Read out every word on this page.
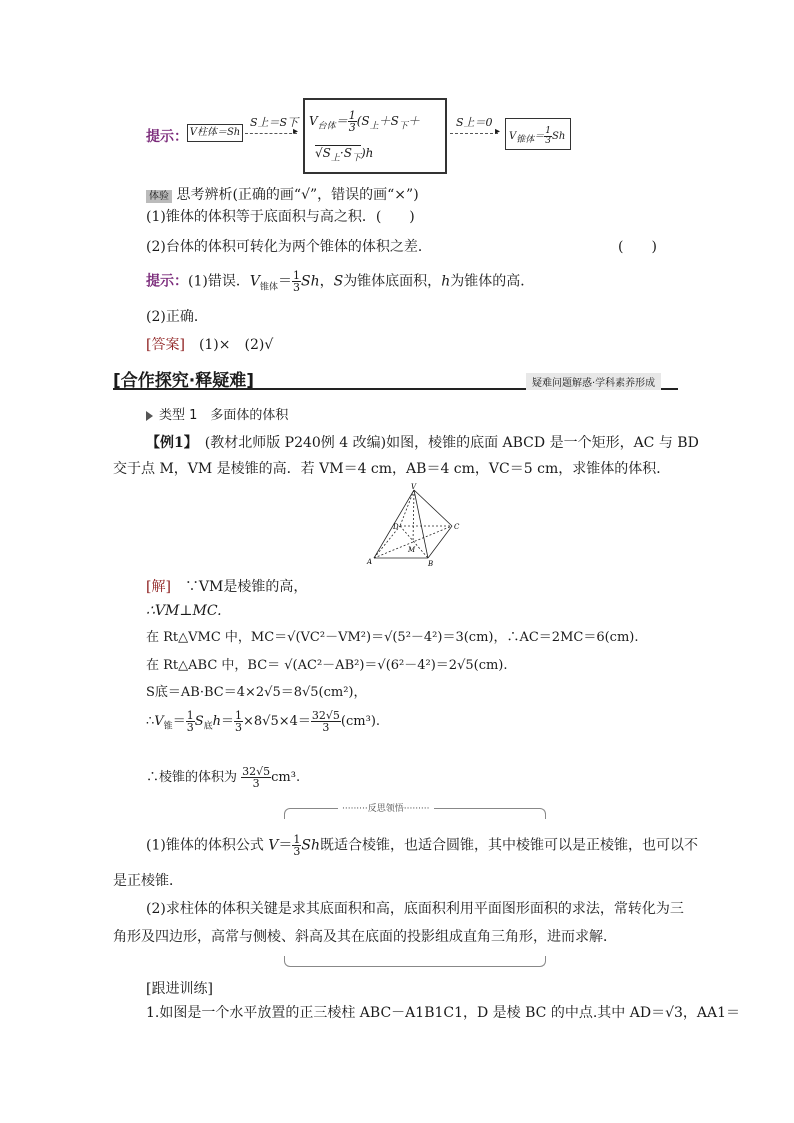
提示： V柱体＝Sh
S上＝S下
▸
$V_{台体}= \frac{1}{3} (S_上+S_下+$
$√S_上\cdot S_下)h$
S上＝0
▸ $V_{锥体}= \frac{1}{3}$ Sh
体验 思考辨析(正确的画“√”，错误的画“×”)
(1)锥体的体积等于底面积与高之积．(　　)
(2)台体的体积可转化为两个锥体的体积之差．	(　　)
提示：(1)错误．$V_{锥体}= \frac{1}{3}$ Sh，S为锥体底面积，h为锥体的高．
(2)正确．
[答案]　 (1)×　(2)√
[合作探究·释疑难]	疑难问题解惑·学科素养形成
类型 1　多面体的体积
【例1】　 (教材北师版 P240例 4 改编)如图，棱锥的底面 ABCD 是一个矩形，AC 与 BD
交于点 M，VM 是棱锥的高．若 VM＝4 cm，AB＝4 cm，VC＝5 cm，求锥体的体积．
V
D	C
M
A	B
[解]　 ∵VM是棱锥的高，
∴VM⊥MC.
在 Rt△VMC 中，MC＝√(VC²－VM²)＝√(5²－4²)＝3(cm)，∴AC＝2MC＝6(cm).
在 Rt△ABC 中，BC＝ √(AC²－AB²)＝√(6²－4²)＝2√5(cm).
S底＝AB·BC＝4×2√5＝8√5(cm²)，
$\therefore V_锥= \frac{1}{3} S_底h= \frac{1}{3} \times 8√5\times 4= \frac{32√5}{3} (cm^3)$.
∴棱锥的体积为 $\frac{32√5}{3} cm^3$.
·········反思领悟·········
(1)锥体的体积公式 $V= \frac{1}{3}$ Sh既适合棱锥，也适合圆锥，其中棱锥可以是正棱锥，也可以不
是正棱锥．
(2)求柱体的体积关键是求其底面积和高，底面积利用平面图形面积的求法，常转化为三
角形及四边形，高常与侧棱、斜高及其在底面的投影组成直角三角形，进而求解．
[跟进训练]
1.如图是一个水平放置的正三棱柱 ABC－A1B1C1，D 是棱 BC 的中点.其中 AD＝√3，AA1＝
